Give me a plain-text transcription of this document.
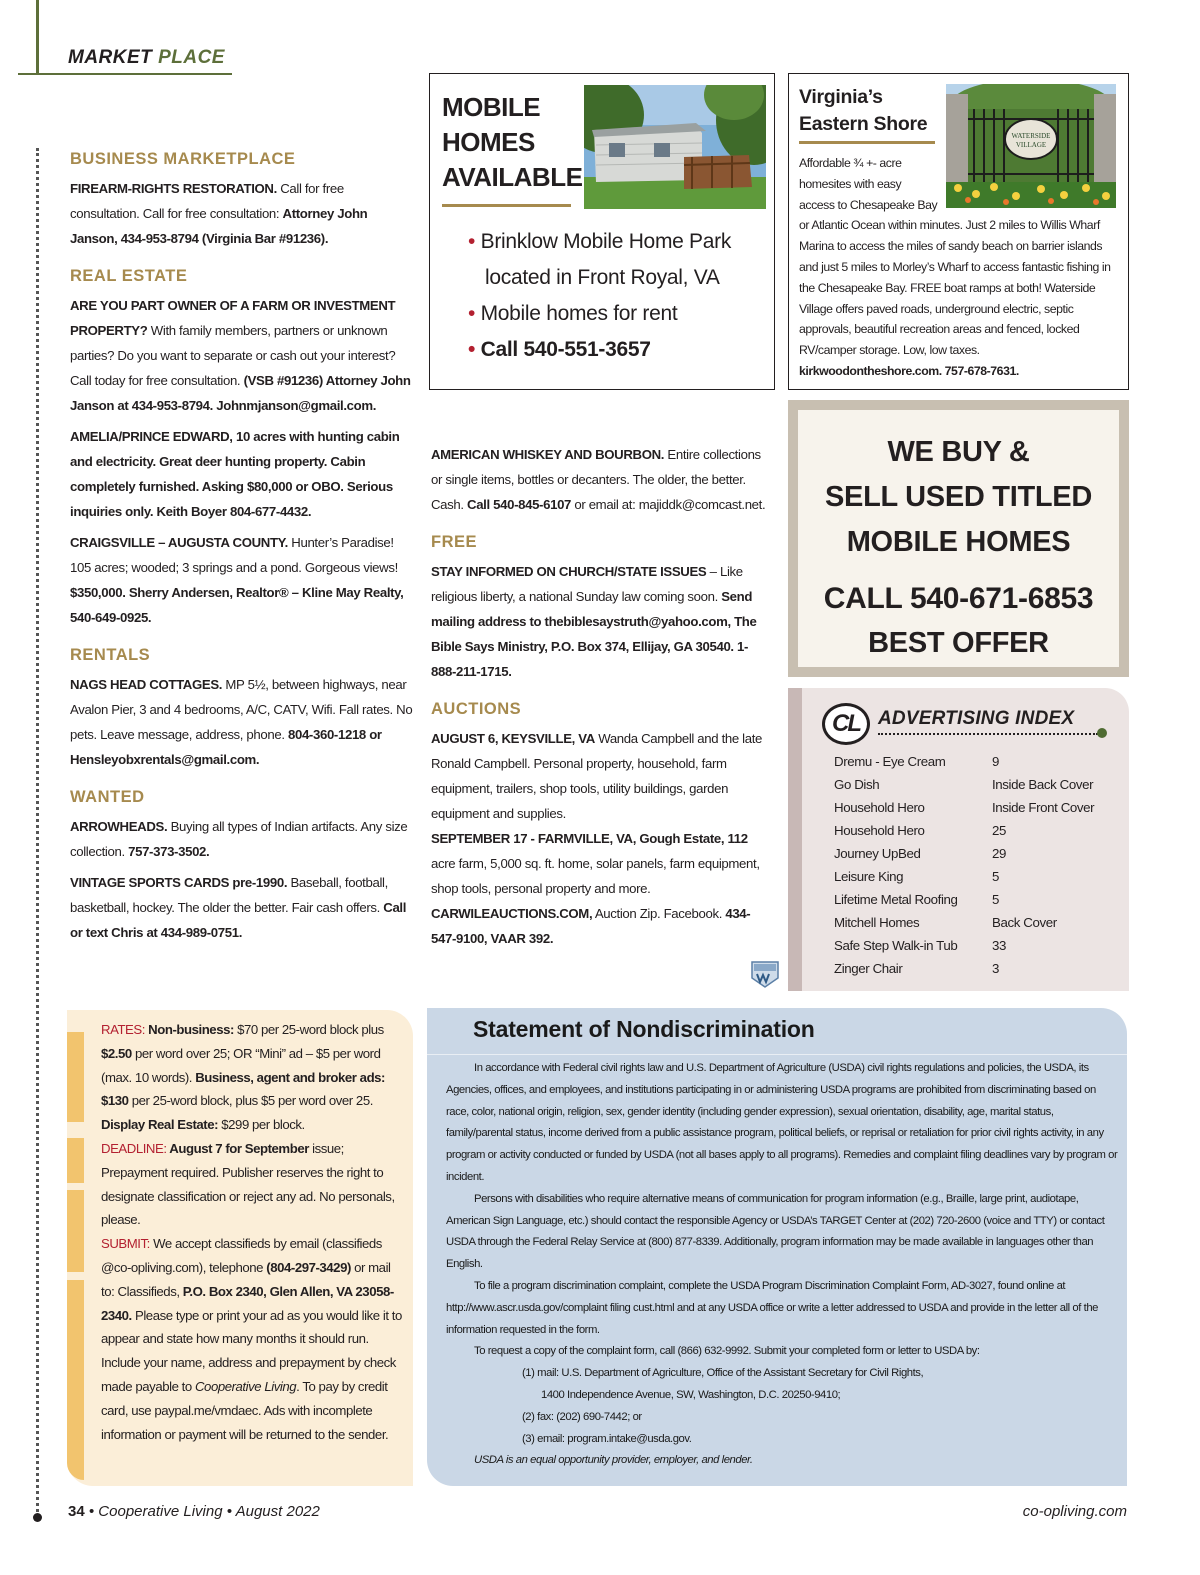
MARKET PLACE
BUSINESS MARKETPLACE

FIREARM-RIGHTS RESTORATION. Call for free consultation. Call for free consultation: Attorney John Janson, 434-953-8794 (Virginia Bar #91236).

REAL ESTATE

ARE YOU PART OWNER OF A FARM OR INVESTMENT PROPERTY? With family members, partners or unknown parties? Do you want to separate or cash out your interest? Call today for free consultation. (VSB #91236) Attorney John Janson at 434-953-8794. Johnmjanson@gmail.com.

AMELIA/PRINCE EDWARD, 10 acres with hunting cabin and electricity. Great deer hunting property. Cabin completely furnished. Asking $80,000 or OBO. Serious inquiries only. Keith Boyer 804-677-4432.

CRAIGSVILLE – AUGUSTA COUNTY. Hunter’s Paradise! 105 acres; wooded; 3 springs and a pond. Gorgeous views! $350,000. Sherry Andersen, Realtor® – Kline May Realty, 540-649-0925.

RENTALS

NAGS HEAD COTTAGES. MP 5½, between highways, near Avalon Pier, 3 and 4 bedrooms, A/C, CATV, Wifi. Fall rates. No pets. Leave message, address, phone. 804-360-1218 or Hensleyobxrentals@gmail.com.

WANTED

ARROWHEADS. Buying all types of Indian artifacts. Any size collection. 757-373-3502.

VINTAGE SPORTS CARDS pre-1990. Baseball, football, basketball, hockey. The older the better. Fair cash offers. Call or text Chris at 434-989-0751.

AMERICAN WHISKEY AND BOURBON. Entire collections or single items, bottles or decanters. The older, the better. Cash. Call 540-845-6107 or email at: majiddk@comcast.net.

FREE

STAY INFORMED ON CHURCH/STATE ISSUES – Like religious liberty, a national Sunday law coming soon. Send mailing address to thebiblesaystruth@yahoo.com, The Bible Says Ministry, P.O. Box 374, Ellijay, GA 30540. 1-888-211-1715.

AUCTIONS

AUGUST 6, KEYSVILLE, VA Wanda Campbell and the late Ronald Campbell. Personal property, household, farm equipment, trailers, shop tools, utility buildings, garden equipment and supplies.
SEPTEMBER 17 - FARMVILLE, VA, Gough Estate, 112 acre farm, 5,000 sq. ft. home, solar panels, farm equipment, shop tools, personal property and more. CARWILEAUCTIONS.COM, Auction Zip. Facebook. 434-547-9100, VAAR 392.

MOBILE
HOMES
AVAILABLE
• Brinklow Mobile Home Park
located in Front Royal, VA
• Mobile homes for rent
• Call 540-551-3657
Virginia’s
Eastern Shore
WATERSIDE
VILLAGE
Affordable ¾ +- acre
homesites with easy
access to Chesapeake Bay
or Atlantic Ocean within minutes. Just 2 miles to Willis Wharf Marina to access the miles of sandy beach on barrier islands and just 5 miles to Morley’s Wharf to access fantastic fishing in the Chesapeake Bay. FREE boat ramps at both! Waterside Village offers paved roads, underground electric, septic approvals, beautiful recreation areas and fenced, locked RV/camper storage. Low, low taxes. kirkwoodontheshore.com. 757-678-7631.
WE BUY &
SELL USED TITLED
MOBILE HOMES
CALL 540-671-6853
BEST OFFER
CL ADVERTISING INDEX
Dremu - Eye Cream	9
Go Dish	Inside Back Cover
Household Hero	Inside Front Cover
Household Hero	25
Journey UpBed	29
Leisure King	5
Lifetime Metal Roofing	5
Mitchell Homes	Back Cover
Safe Step Walk-in Tub	33
Zinger Chair	3
RATES: Non-business: $70 per 25-word block plus $2.50 per word over 25; OR “Mini” ad – $5 per word (max. 10 words). Business, agent and broker ads: $130 per 25-word block, plus $5 per word over 25. Display Real Estate: $299 per block.
DEADLINE: August 7 for September issue; Prepayment required. Publisher reserves the right to designate classification or reject any ad. No personals, please.
SUBMIT: We accept classifieds by email (classifieds @co-opliving.com), telephone (804-297-3429) or mail to: Classifieds, P.O. Box 2340, Glen Allen, VA 23058-2340. Please type or print your ad as you would like it to appear and state how many months it should run. Include your name, address and prepayment by check made payable to Cooperative Living. To pay by credit card, use paypal.me/vmdaec. Ads with incomplete information or payment will be returned to the sender.
Statement of Nondiscrimination

In accordance with Federal civil rights law and U.S. Department of Agriculture (USDA) civil rights regulations and policies, the USDA, its Agencies, offices, and employees, and institutions participating in or administering USDA programs are prohibited from discriminating based on race, color, national origin, religion, sex, gender identity (including gender expression), sexual orientation, disability, age, marital status, family/parental status, income derived from a public assistance program, political beliefs, or reprisal or retaliation for prior civil rights activity, in any program or activity conducted or funded by USDA (not all bases apply to all programs). Remedies and complaint filing deadlines vary by program or incident.

Persons with disabilities who require alternative means of communication for program information (e.g., Braille, large print, audiotape, American Sign Language, etc.) should contact the responsible Agency or USDA’s TARGET Center at (202) 720-2600 (voice and TTY) or contact USDA through the Federal Relay Service at (800) 877-8339. Additionally, program information may be made available in languages other than English.

To file a program discrimination complaint, complete the USDA Program Discrimination Complaint Form, AD-3027, found online at http://www.ascr.usda.gov/complaint filing cust.html and at any USDA office or write a letter addressed to USDA and provide in the letter all of the information requested in the form.

To request a copy of the complaint form, call (866) 632-9992. Submit your completed form or letter to USDA by:

(1) mail: U.S. Department of Agriculture, Office of the Assistant Secretary for Civil Rights,
1400 Independence Avenue, SW, Washington, D.C. 20250-9410;
(2) fax: (202) 690-7442; or
(3) email: program.intake@usda.gov.
USDA is an equal opportunity provider, employer, and lender.
34 • Cooperative Living • August 2022	co-opliving.com
